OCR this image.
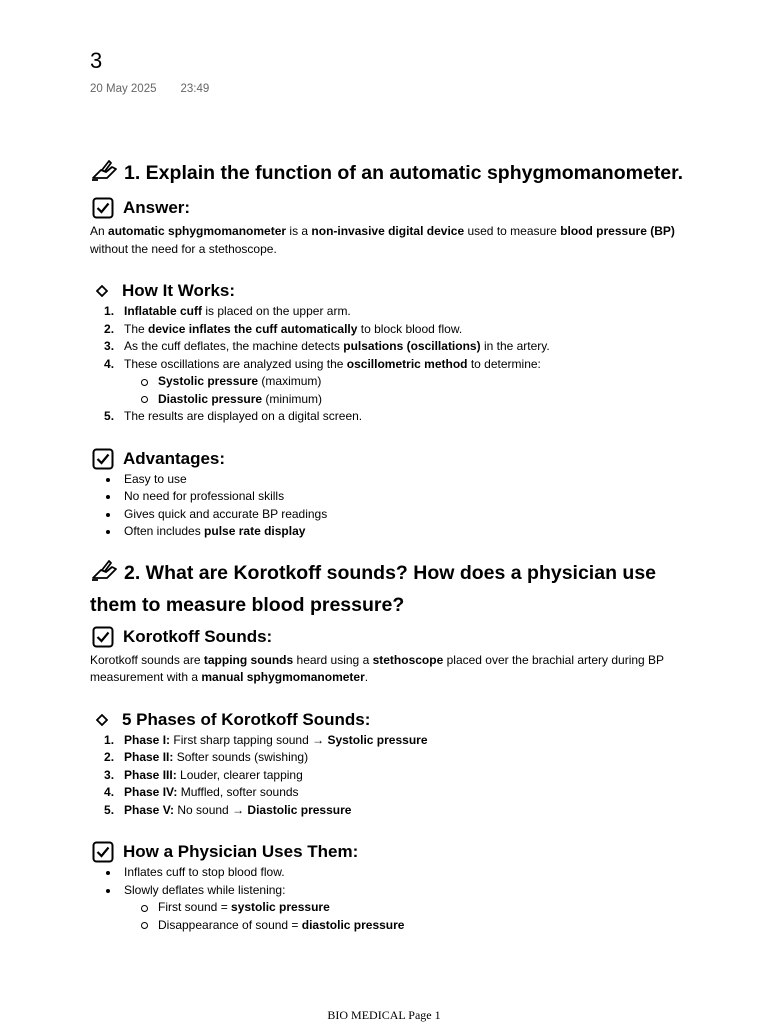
3
20 May 2025 23:49
1. Explain the function of an automatic sphygmomanometer.
Answer:

An automatic sphygmomanometer is a non-invasive digital device used to measure blood pressure (BP) without the need for a stethoscope.

How It Works:
Inflatable cuff is placed on the upper arm.
The device inflates the cuff automatically to block blood flow.
As the cuff deflates, the machine detects pulsations (oscillations) in the artery.
These oscillations are analyzed using the oscillometric method to determine:
Systolic pressure (maximum)
Diastolic pressure (minimum)
The results are displayed on a digital screen.
Advantages:
Easy to use
No need for professional skills
Gives quick and accurate BP readings
Often includes pulse rate display
2. What are Korotkoff sounds? How does a physician use them to measure blood pressure?
Korotkoff Sounds:

Korotkoff sounds are tapping sounds heard using a stethoscope placed over the brachial artery during BP measurement with a manual sphygmomanometer.

5 Phases of Korotkoff Sounds:
Phase I: First sharp tapping sound → Systolic pressure
Phase II: Softer sounds (swishing)
Phase III: Louder, clearer tapping
Phase IV: Muffled, softer sounds
Phase V: No sound → Diastolic pressure
How a Physician Uses Them:
Inflates cuff to stop blood flow.
Slowly deflates while listening:
First sound = systolic pressure
Disappearance of sound = diastolic pressure
BIO MEDICAL Page 1
